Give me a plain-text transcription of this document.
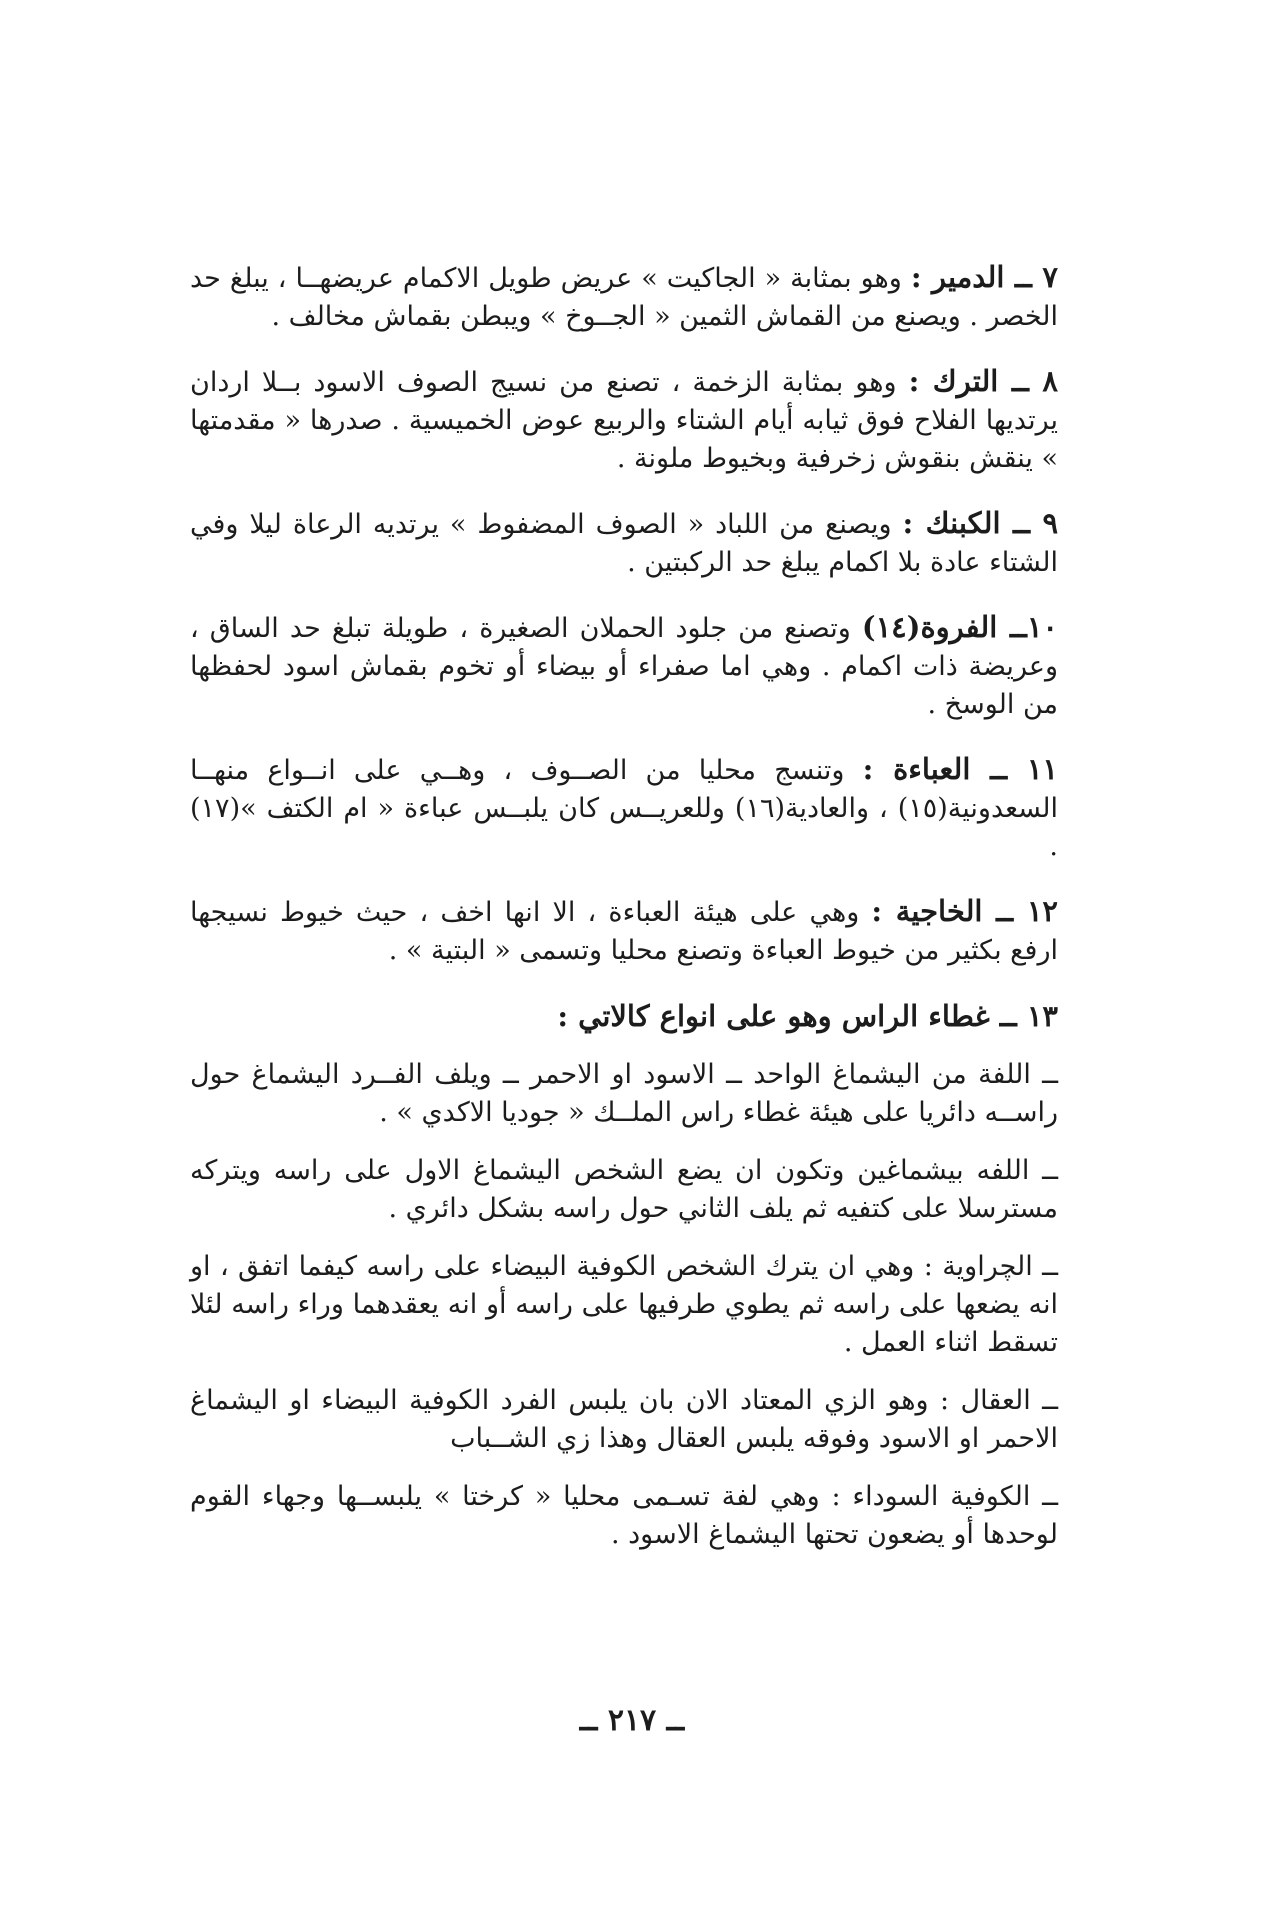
٧ ــ الدمير : وهو بمثابة « الجاكيت » عريض طويل الاكمام عريضهــا ، يبلغ حد الخصر . ويصنع من القماش الثمين « الجــوخ » ويبطن بقماش مخالف .

٨ ــ الترك : وهو بمثابة الزخمة ، تصنع من نسيج الصوف الاسود بــلا اردان يرتديها الفلاح فوق ثيابه أيام الشتاء والربيع عوض الخميسية . صدرها « مقدمتها » ينقش بنقوش زخرفية وبخيوط ملونة .

٩ ــ الكبنك : ويصنع من اللباد « الصوف المضفوط » يرتديه الرعاة ليلا وفي الشتاء عادة بلا اكمام يبلغ حد الركبتين .

١٠ــ الفروة(١٤) وتصنع من جلود الحملان الصغيرة ، طويلة تبلغ حد الساق ، وعريضة ذات اكمام . وهي اما صفراء أو بيضاء أو تخوم بقماش اسود لحفظها من الوسخ .

١١ ــ العباءة : وتنسج محليا من الصــوف ، وهــي على انــواع منهــا السعدونية(١٥) ، والعادية(١٦) وللعريــس كان يلبــس عباءة « ام الكتف »(١٧) .

١٢ ــ الخاجية : وهي على هيئة العباءة ، الا انها اخف ، حيث خيوط نسيجها ارفع بكثير من خيوط العباءة وتصنع محليا وتسمى « البتية » .

١٣ ــ غطاء الراس وهو على انواع كالاتي :

ــ اللفة من اليشماغ الواحد ــ الاسود او الاحمر ــ ويلف الفــرد اليشماغ حول راســه دائريا على هيئة غطاء راس الملــك « جوديا الاكدي » .

ــ اللفه بيشماغين وتكون ان يضع الشخص اليشماغ الاول على راسه ويتركه مسترسلا على كتفيه ثم يلف الثاني حول راسه بشكل دائري .

ــ الچراوية : وهي ان يترك الشخص الكوفية البيضاء على راسه كيفما اتفق ، او انه يضعها على راسه ثم يطوي طرفيها على راسه أو انه يعقدهما وراء راسه لئلا تسقط اثناء العمل .

ــ العقال : وهو الزي المعتاد الان بان يلبس الفرد الكوفية البيضاء او اليشماغ الاحمر او الاسود وفوقه يلبس العقال وهذا زي الشــباب

ــ الكوفية السوداء : وهي لفة تسـمى محليا « كرختا » يلبســها وجهاء القوم لوحدها أو يضعون تحتها اليشماغ الاسود .

ــ ٢١٧ ــ
